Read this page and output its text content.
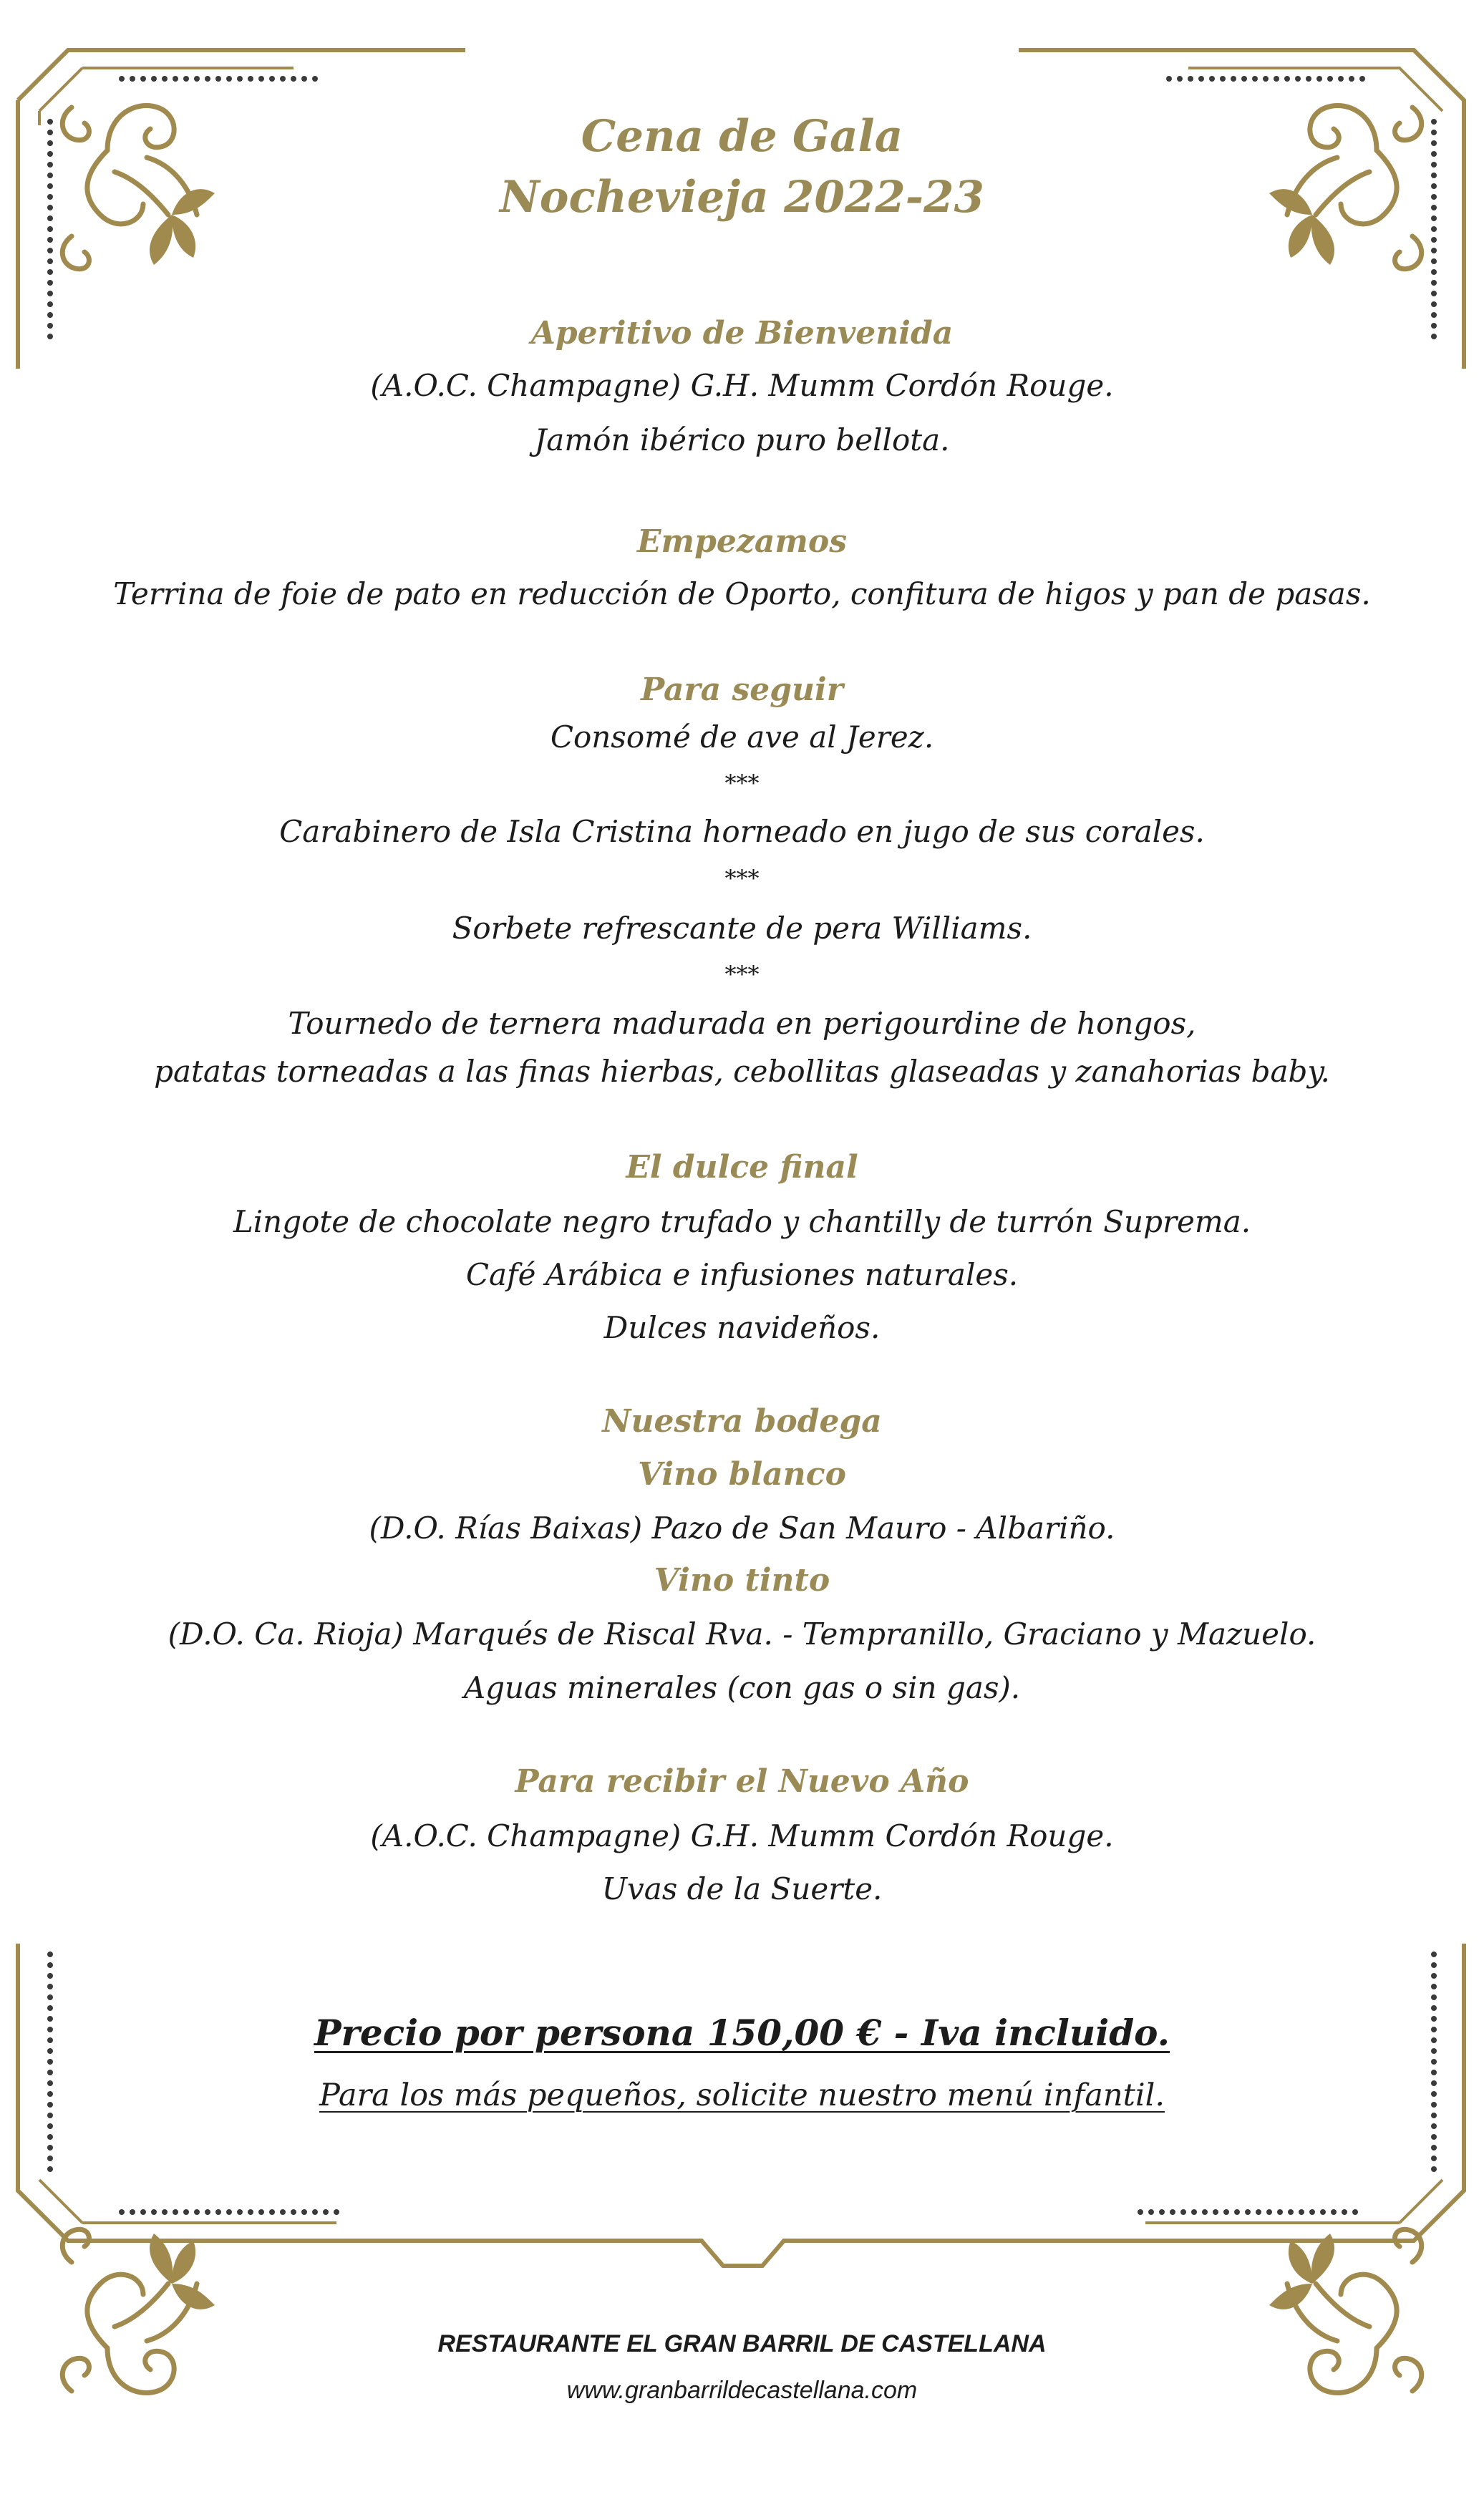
Cena de Gala
Nochevieja 2022-23
Aperitivo de Bienvenida
(A.O.C. Champagne) G.H. Mumm Cordón Rouge.
Jamón ibérico puro bellota.
Empezamos
Terrina de foie de pato en reducción de Oporto, confitura de higos y pan de pasas.
Para seguir
Consomé de ave al Jerez.
***
Carabinero de Isla Cristina horneado en jugo de sus corales.
***
Sorbete refrescante de pera Williams.
***
Tournedo de ternera madurada en perigourdine de hongos,
patatas torneadas a las finas hierbas, cebollitas glaseadas y zanahorias baby.
El dulce final
Lingote de chocolate negro trufado y chantilly de turrón Suprema.
Café Arábica e infusiones naturales.
Dulces navideños.
Nuestra bodega
Vino blanco
(D.O. Rías Baixas) Pazo de San Mauro - Albariño.
Vino tinto
(D.O. Ca. Rioja) Marqués de Riscal Rva. - Tempranillo, Graciano y Mazuelo.
Aguas minerales (con gas o sin gas).
Para recibir el Nuevo Año
(A.O.C. Champagne) G.H. Mumm Cordón Rouge.
Uvas de la Suerte.
Precio por persona 150,00 € - Iva incluido.
Para los más pequeños, solicite nuestro menú infantil.
RESTAURANTE EL GRAN BARRIL DE CASTELLANA
www.granbarrildecastellana.com
